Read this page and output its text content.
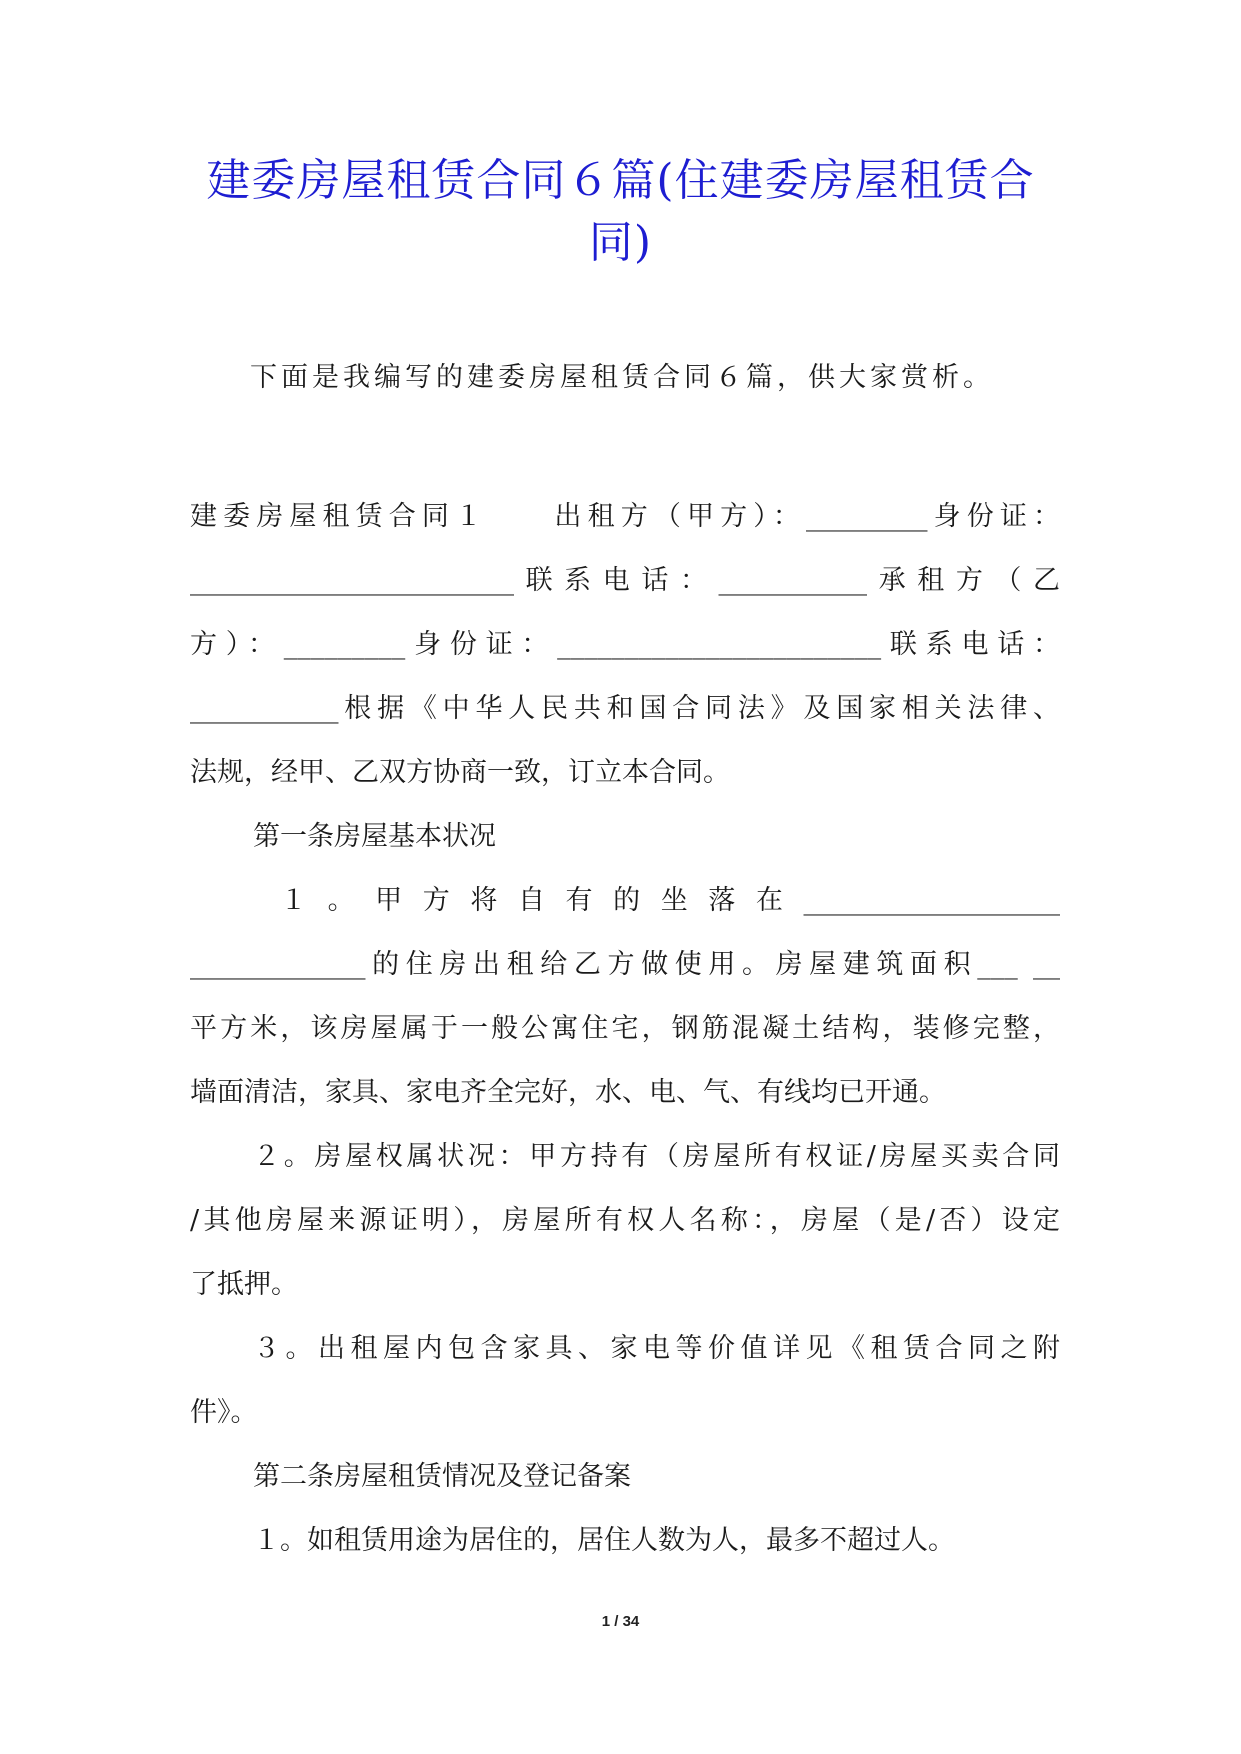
建委房屋租赁合同６篇(住建委房屋租赁合
同)

下面是我编写的建委房屋租赁合同６篇，供大家赏析。

建委房屋租赁合同１　　出租方（甲方）：_________身份证：
________________________联系电话：___________承租方（乙
方）：_________身份证：________________________联系电话：
___________根据《中华人民共和国合同法》及国家相关法律、
法规，经甲、乙双方协商一致，订立本合同。
第一条房屋基本状况
１。甲方将自有的坐落在___________________
_____________的住房出租给乙方做使用。房屋建筑面积___ __
平方米，该房屋属于一般公寓住宅，钢筋混凝土结构，装修完整，
墙面清洁，家具、家电齐全完好，水、电、气、有线均已开通。
２。房屋权属状况：甲方持有（房屋所有权证/房屋买卖合同
/其他房屋来源证明），房屋所有权人名称：，房屋（是/否）设定
了抵押。
３。出租屋内包含家具、家电等价值详见《租赁合同之附
件》。
第二条房屋租赁情况及登记备案
１。如租赁用途为居住的，居住人数为人，最多不超过人。
1 / 34
